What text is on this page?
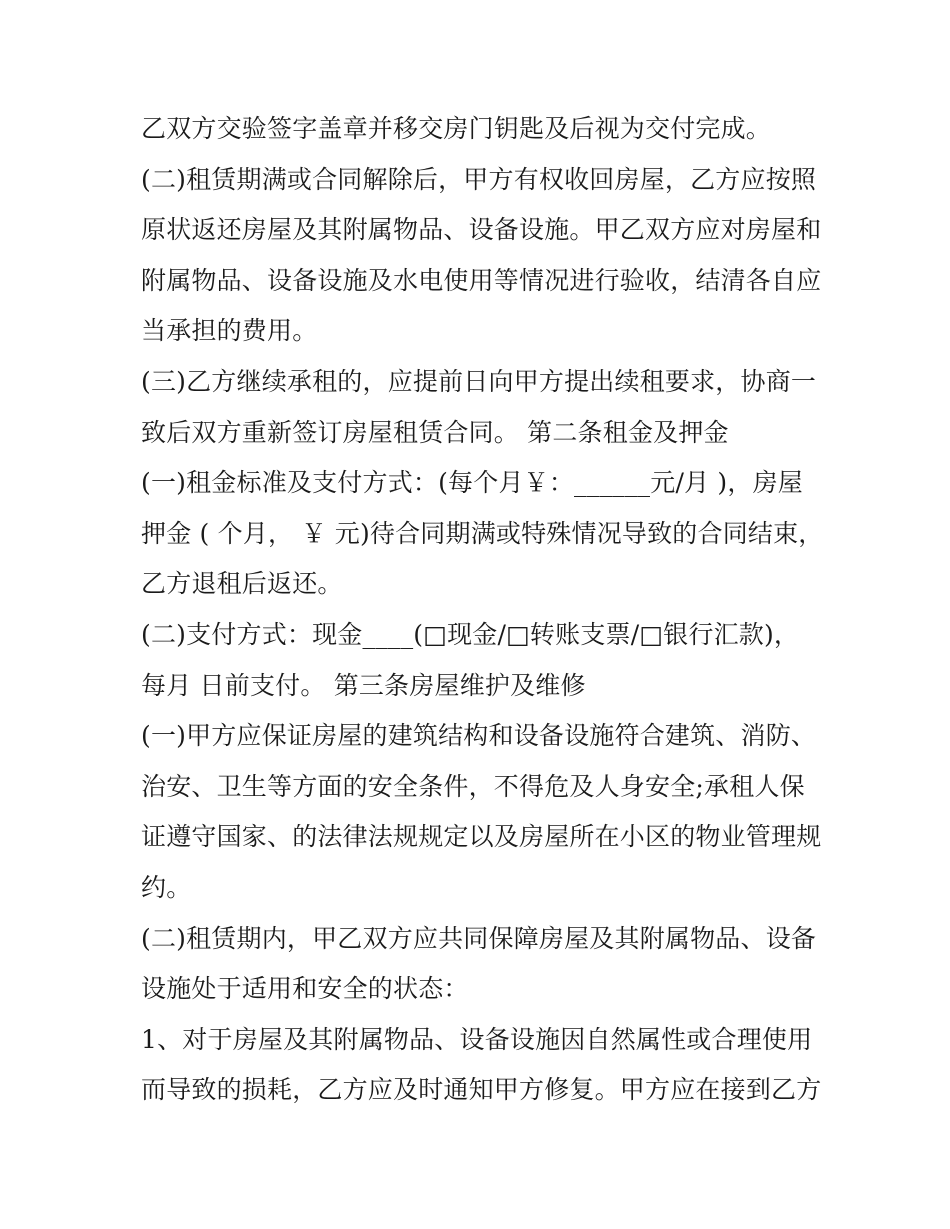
乙双方交验签字盖章并移交房门钥匙及后视为交付完成。
(二)租赁期满或合同解除后，甲方有权收回房屋，乙方应按照
原状返还房屋及其附属物品、设备设施。甲乙双方应对房屋和
附属物品、设备设施及水电使用等情况进行验收，结清各自应
当承担的费用。
(三)乙方继续承租的，应提前日向甲方提出续租要求，协商一
致后双方重新签订房屋租赁合同。 第二条租金及押金
(一)租金标准及支付方式：(每个月￥：______元/月 )，房屋
押金 ( 个月， ￥ 元)待合同期满或特殊情况导致的合同结束，
乙方退租后返还。
(二)支付方式：现金____(□现金/□转账支票/□银行汇款)，
每月 日前支付。 第三条房屋维护及维修
(一)甲方应保证房屋的建筑结构和设备设施符合建筑、消防、
治安、卫生等方面的安全条件，不得危及人身安全;承租人保
证遵守国家、的法律法规规定以及房屋所在小区的物业管理规
约。
(二)租赁期内，甲乙双方应共同保障房屋及其附属物品、设备
设施处于适用和安全的状态：
1、对于房屋及其附属物品、设备设施因自然属性或合理使用
而导致的损耗，乙方应及时通知甲方修复。甲方应在接到乙方
